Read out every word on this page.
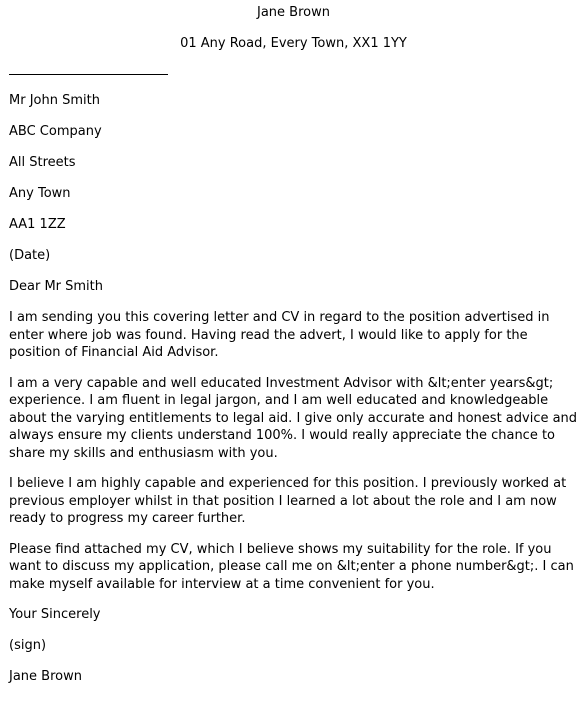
Jane Brown
01 Any Road, Every Town, XX1 1YY
Mr John Smith
ABC Company
All Streets
Any Town
AA1 1ZZ
(Date)
Dear Mr Smith

I am sending you this covering letter and CV in regard to the position advertised in enter where job was found. Having read the advert, I would like to apply for the position of Financial Aid Advisor.

I am a very capable and well educated Investment Advisor with &lt;enter years&gt; experience. I am fluent in legal jargon, and I am well educated and knowledgeable about the varying entitlements to legal aid. I give only accurate and honest advice and always ensure my clients understand 100%. I would really appreciate the chance to share my skills and enthusiasm with you.

I believe I am highly capable and experienced for this position. I previously worked at previous employer whilst in that position I learned a lot about the role and I am now ready to progress my career further.

Please find attached my CV, which I believe shows my suitability for the role. If you want to discuss my application, please call me on &lt;enter a phone number&gt;. I can make myself available for interview at a time convenient for you.

Your Sincerely
(sign)
Jane Brown
